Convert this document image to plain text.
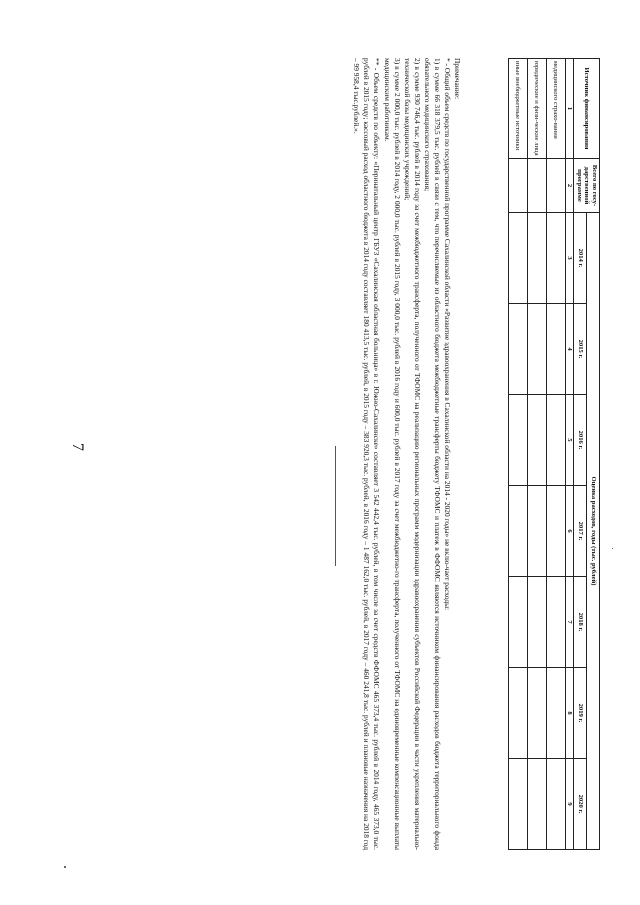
7
Источник финансирования	Всего по госу-дарственной программе	Оценка расходов, годы (тыс. рублей)						
		2014 г.	2015 г.	2016 г.	2017 г.	2018 г.	2019 г.	2020 г.
1	2	3	4	5	6	7	8	9
медицинского страхо-вания								
юридические и физи-ческие лица								
иные внебюджетные источники								

Примечание:

* - Общий объем средств по государственной программе Сахалинской области «Развитие здравоохранения в Сахалинской области на 2014 - 2020 годы» не вклю-чает расходы:

1) в сумме 66 318 379,5 тыс. рублей в связи с тем, что перечисляемые из областного бюджета межбюджетные трансферты бюджету ТФОМС и платеж в ФФОМС являются источником финансирования расходов бюджета территориального фонда обязательного медицинского страхования;

2) в сумме 930 746,4 тыс. рублей в 2014 году за счет межбюджетного трансферта, полученного от ТФОМС на реализацию региональных программ модернизации здравоохранения субъектов Российской Федерации в части укрепления материально-технической базы медицинских учреждений;

3) в сумме 2 000,0 тыс. рублей в 2014 году, 2 000,0 тыс. рублей в 2015 году, 3 000,0 тыс. рублей в 2016 году и 600,0 тыс. рублей в 2017 году за счет межбюджетно-го трансферта, полученного от ТФОМС на единовременные компенсационные выплаты медицинским работникам.

** - Объем средств по объекту: «Перинатальный центр ГБУЗ «Сахалинская областная больница» в г. Южно-Сахалинске» составляет 3 542 442,4 тыс. рублей, в том числе за счет средств ФФОМС 465 373,4 тыс. рублей в 2014 году, 465 373,0 тыс. рублей в 2015 году; кассовый расход областного бюджета в 2014 году составляет 180 413,5 тыс. рублей, в 2015 году – 383 920,3 тыс. рублей, в 2016 году – 1 487 162,0 тыс. рублей, в 2017 году – 460 241,8 тыс. рублей и плановые назначения на 2018 год – 99 958,4 тыс.рублей.».
